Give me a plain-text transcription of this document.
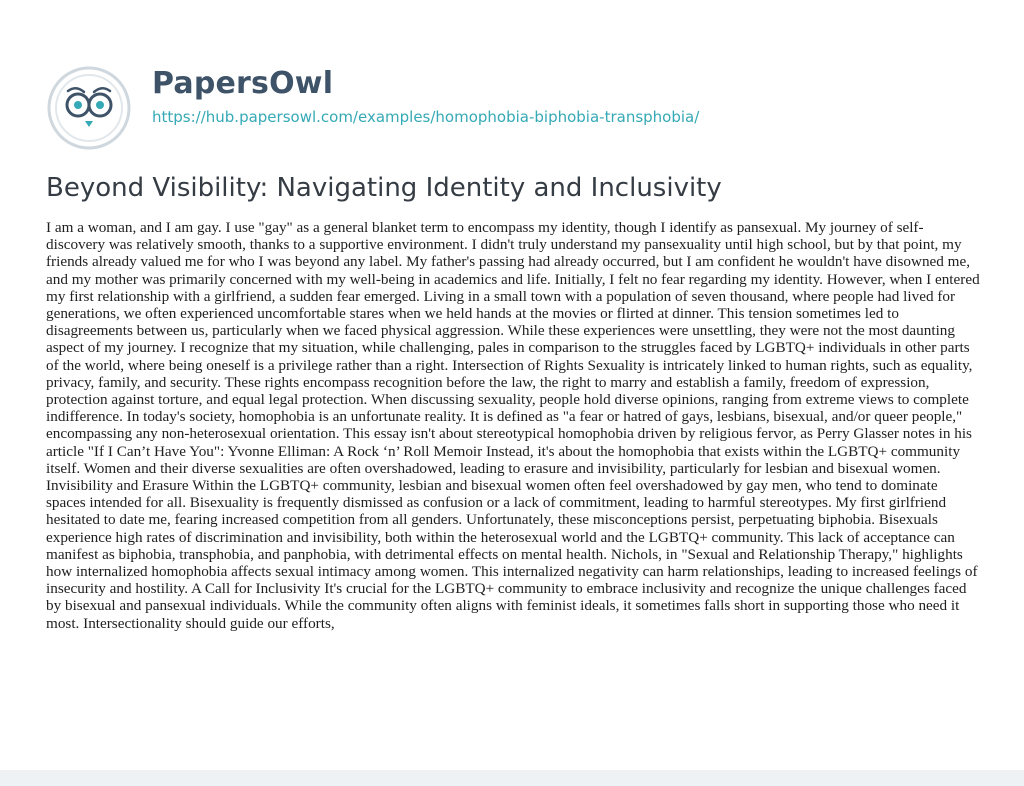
PapersOwl
https://hub.papersowl.com/examples/homophobia-biphobia-transphobia/
Beyond Visibility: Navigating Identity and Inclusivity

I am a woman, and I am gay. I use "gay" as a general blanket term to encompass my identity, though I identify as pansexual. My journey of self-discovery was relatively smooth, thanks to a supportive environment. I didn't truly understand my pansexuality until high school, but by that point, my friends already valued me for who I was beyond any label. My father's passing had already occurred, but I am confident he wouldn't have disowned me, and my mother was primarily concerned with my well-being in academics and life. Initially, I felt no fear regarding my identity. However, when I entered my first relationship with a girlfriend, a sudden fear emerged. Living in a small town with a population of seven thousand, where people had lived for generations, we often experienced uncomfortable stares when we held hands at the movies or flirted at dinner. This tension sometimes led to disagreements between us, particularly when we faced physical aggression. While these experiences were unsettling, they were not the most daunting aspect of my journey. I recognize that my situation, while challenging, pales in comparison to the struggles faced by LGBTQ+ individuals in other parts of the world, where being oneself is a privilege rather than a right. Intersection of Rights Sexuality is intricately linked to human rights, such as equality, privacy, family, and security. These rights encompass recognition before the law, the right to marry and establish a family, freedom of expression, protection against torture, and equal legal protection. When discussing sexuality, people hold diverse opinions, ranging from extreme views to complete indifference. In today's society, homophobia is an unfortunate reality. It is defined as "a fear or hatred of gays, lesbians, bisexual, and/or queer people," encompassing any non-heterosexual orientation. This essay isn't about stereotypical homophobia driven by religious fervor, as Perry Glasser notes in his article "If I Can’t Have You": Yvonne Elliman: A Rock ‘n’ Roll Memoir Instead, it's about the homophobia that exists within the LGBTQ+ community itself. Women and their diverse sexualities are often overshadowed, leading to erasure and invisibility, particularly for lesbian and bisexual women. Invisibility and Erasure Within the LGBTQ+ community, lesbian and bisexual women often feel overshadowed by gay men, who tend to dominate spaces intended for all. Bisexuality is frequently dismissed as confusion or a lack of commitment, leading to harmful stereotypes. My first girlfriend hesitated to date me, fearing increased competition from all genders. Unfortunately, these misconceptions persist, perpetuating biphobia. Bisexuals experience high rates of discrimination and invisibility, both within the heterosexual world and the LGBTQ+ community. This lack of acceptance can manifest as biphobia, transphobia, and panphobia, with detrimental effects on mental health. Nichols, in "Sexual and Relationship Therapy," highlights how internalized homophobia affects sexual intimacy among women. This internalized negativity can harm relationships, leading to increased feelings of insecurity and hostility. A Call for Inclusivity It's crucial for the LGBTQ+ community to embrace inclusivity and recognize the unique challenges faced by bisexual and pansexual individuals. While the community often aligns with feminist ideals, it sometimes falls short in supporting those who need it most. Intersectionality should guide our efforts,
